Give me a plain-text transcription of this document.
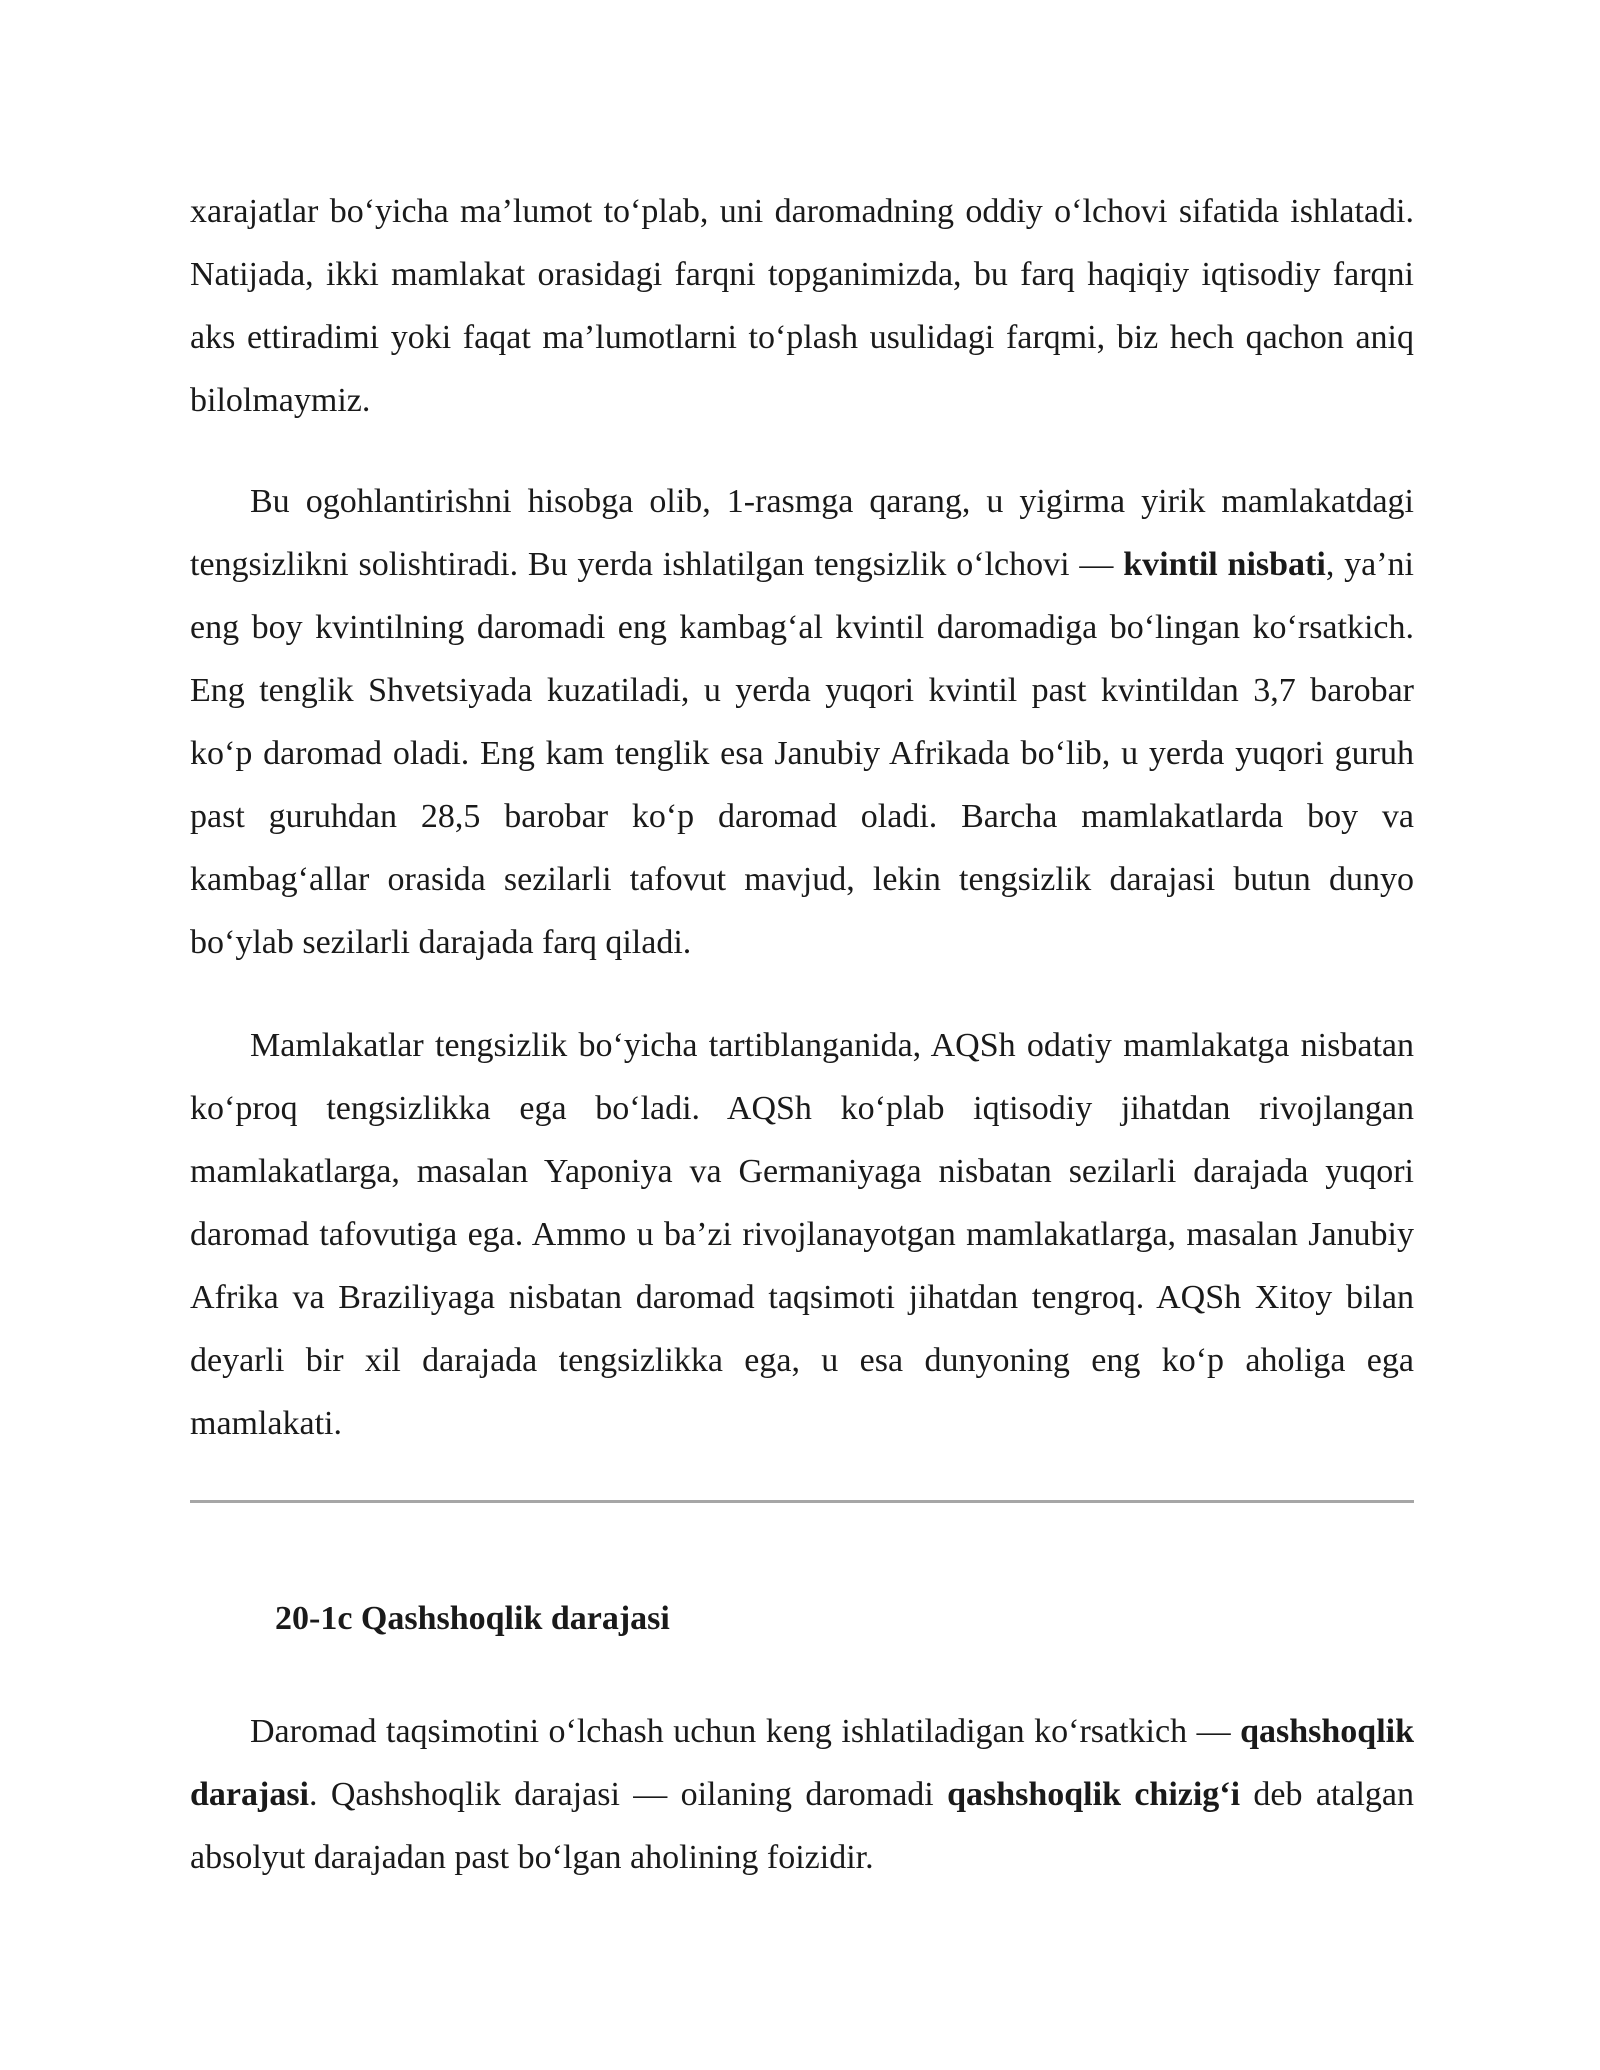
xarajatlar bo‘yicha ma’lumot to‘plab, uni daromadning oddiy o‘lchovi sifatida ishlatadi. Natijada, ikki mamlakat orasidagi farqni topganimizda, bu farq haqiqiy iqtisodiy farqni aks ettiradimi yoki faqat ma’lumotlarni to‘plash usulidagi farqmi, biz hech qachon aniq bilolmaymiz.

Bu ogohlantirishni hisobga olib, 1-rasmga qarang, u yigirma yirik mamlakatdagi tengsizlikni solishtiradi. Bu yerda ishlatilgan tengsizlik o‘lchovi — kvintil nisbati, ya’ni eng boy kvintilning daromadi eng kambag‘al kvintil daromadiga bo‘lingan ko‘rsatkich. Eng tenglik Shvetsiyada kuzatiladi, u yerda yuqori kvintil past kvintildan 3,7 barobar ko‘p daromad oladi. Eng kam tenglik esa Janubiy Afrikada bo‘lib, u yerda yuqori guruh past guruhdan 28,5 barobar ko‘p daromad oladi. Barcha mamlakatlarda boy va kambag‘allar orasida sezilarli tafovut mavjud, lekin tengsizlik darajasi butun dunyo bo‘ylab sezilarli darajada farq qiladi.

Mamlakatlar tengsizlik bo‘yicha tartiblanganida, AQSh odatiy mamlakatga nisbatan ko‘proq tengsizlikka ega bo‘ladi. AQSh ko‘plab iqtisodiy jihatdan rivojlangan mamlakatlarga, masalan Yaponiya va Germaniyaga nisbatan sezilarli darajada yuqori daromad tafovutiga ega. Ammo u ba’zi rivojlanayotgan mamlakatlarga, masalan Janubiy Afrika va Braziliyaga nisbatan daromad taqsimoti jihatdan tengroq. AQSh Xitoy bilan deyarli bir xil darajada tengsizlikka ega, u esa dunyoning eng ko‘p aholiga ega mamlakati.

20-1c Qashshoqlik darajasi

Daromad taqsimotini o‘lchash uchun keng ishlatiladigan ko‘rsatkich — qashshoqlik darajasi. Qashshoqlik darajasi — oilaning daromadi qashshoqlik chizig‘i deb atalgan absolyut darajadan past bo‘lgan aholining foizidir.
